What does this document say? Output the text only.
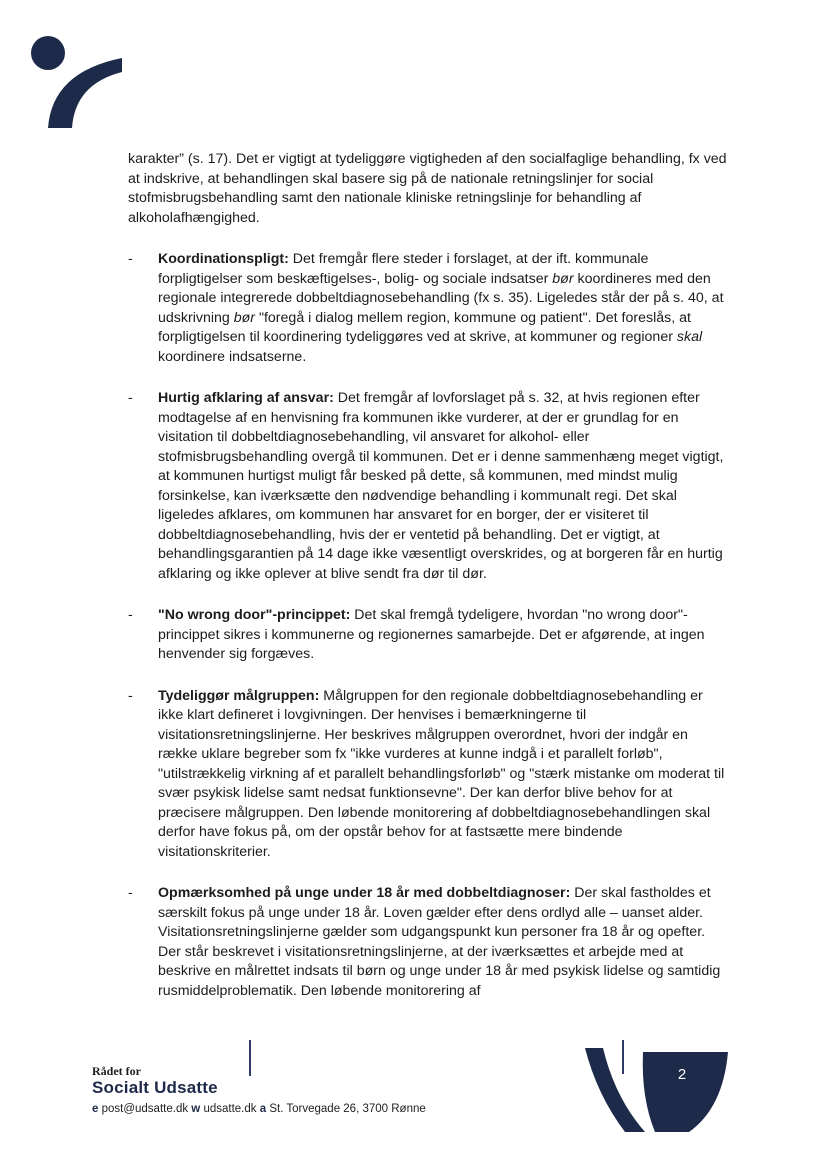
karakter” (s. 17). Det er vigtigt at tydeliggøre vigtigheden af den socialfaglige behandling, fx ved at indskrive, at behandlingen skal basere sig på de nationale retningslinjer for social stofmisbrugsbehandling samt den nationale kliniske retningslinje for behandling af alkoholafhængighed.

- Koordinationspligt: Det fremgår flere steder i forslaget, at der ift. kommunale forpligtigelser som beskæftigelses-, bolig- og sociale indsatser bør koordineres med den regionale integrerede dobbeltdiagnosebehandling (fx s. 35). Ligeledes står der på s. 40, at udskrivning bør "foregå i dialog mellem region, kommune og patient". Det foreslås, at forpligtigelsen til koordinering tydeliggøres ved at skrive, at kommuner og regioner skal koordinere indsatserne.

- Hurtig afklaring af ansvar: Det fremgår af lovforslaget på s. 32, at hvis regionen efter modtagelse af en henvisning fra kommunen ikke vurderer, at der er grundlag for en visitation til dobbeltdiagnosebehandling, vil ansvaret for alkohol- eller stofmisbrugsbehandling overgå til kommunen. Det er i denne sammenhæng meget vigtigt, at kommunen hurtigst muligt får besked på dette, så kommunen, med mindst mulig forsinkelse, kan iværksætte den nødvendige behandling i kommunalt regi. Det skal ligeledes afklares, om kommunen har ansvaret for en borger, der er visiteret til dobbeltdiagnosebehandling, hvis der er ventetid på behandling. Det er vigtigt, at behandlingsgarantien på 14 dage ikke væsentligt overskrides, og at borgeren får en hurtig afklaring og ikke oplever at blive sendt fra dør til dør.

- "No wrong door"-princippet: Det skal fremgå tydeligere, hvordan "no wrong door"-princippet sikres i kommunerne og regionernes samarbejde. Det er afgørende, at ingen henvender sig forgæves.

- Tydeliggør målgruppen: Målgruppen for den regionale dobbeltdiagnosebehandling er ikke klart defineret i lovgivningen. Der henvises i bemærkningerne til visitationsretningslinjerne. Her beskrives målgruppen overordnet, hvori der indgår en række uklare begreber som fx "ikke vurderes at kunne indgå i et parallelt forløb", "utilstrækkelig virkning af et parallelt behandlingsforløb" og "stærk mistanke om moderat til svær psykisk lidelse samt nedsat funktionsevne". Der kan derfor blive behov for at præcisere målgruppen. Den løbende monitorering af dobbeltdiagnosebehandlingen skal derfor have fokus på, om der opstår behov for at fastsætte mere bindende visitationskriterier.

- Opmærksomhed på unge under 18 år med dobbeltdiagnoser: Der skal fastholdes et særskilt fokus på unge under 18 år. Loven gælder efter dens ordlyd alle – uanset alder. Visitationsretningslinjerne gælder som udgangspunkt kun personer fra 18 år og opefter. Der står beskrevet i visitationsretningslinjerne, at der iværksættes et arbejde med at beskrive en målrettet indsats til børn og unge under 18 år med psykisk lidelse og samtidig rusmiddelproblematik. Den løbende monitorering af

Rådet for
Socialt Udsatte
e post@udsatte.dk w udsatte.dk a St. Torvegade 26, 3700 Rønne
2
